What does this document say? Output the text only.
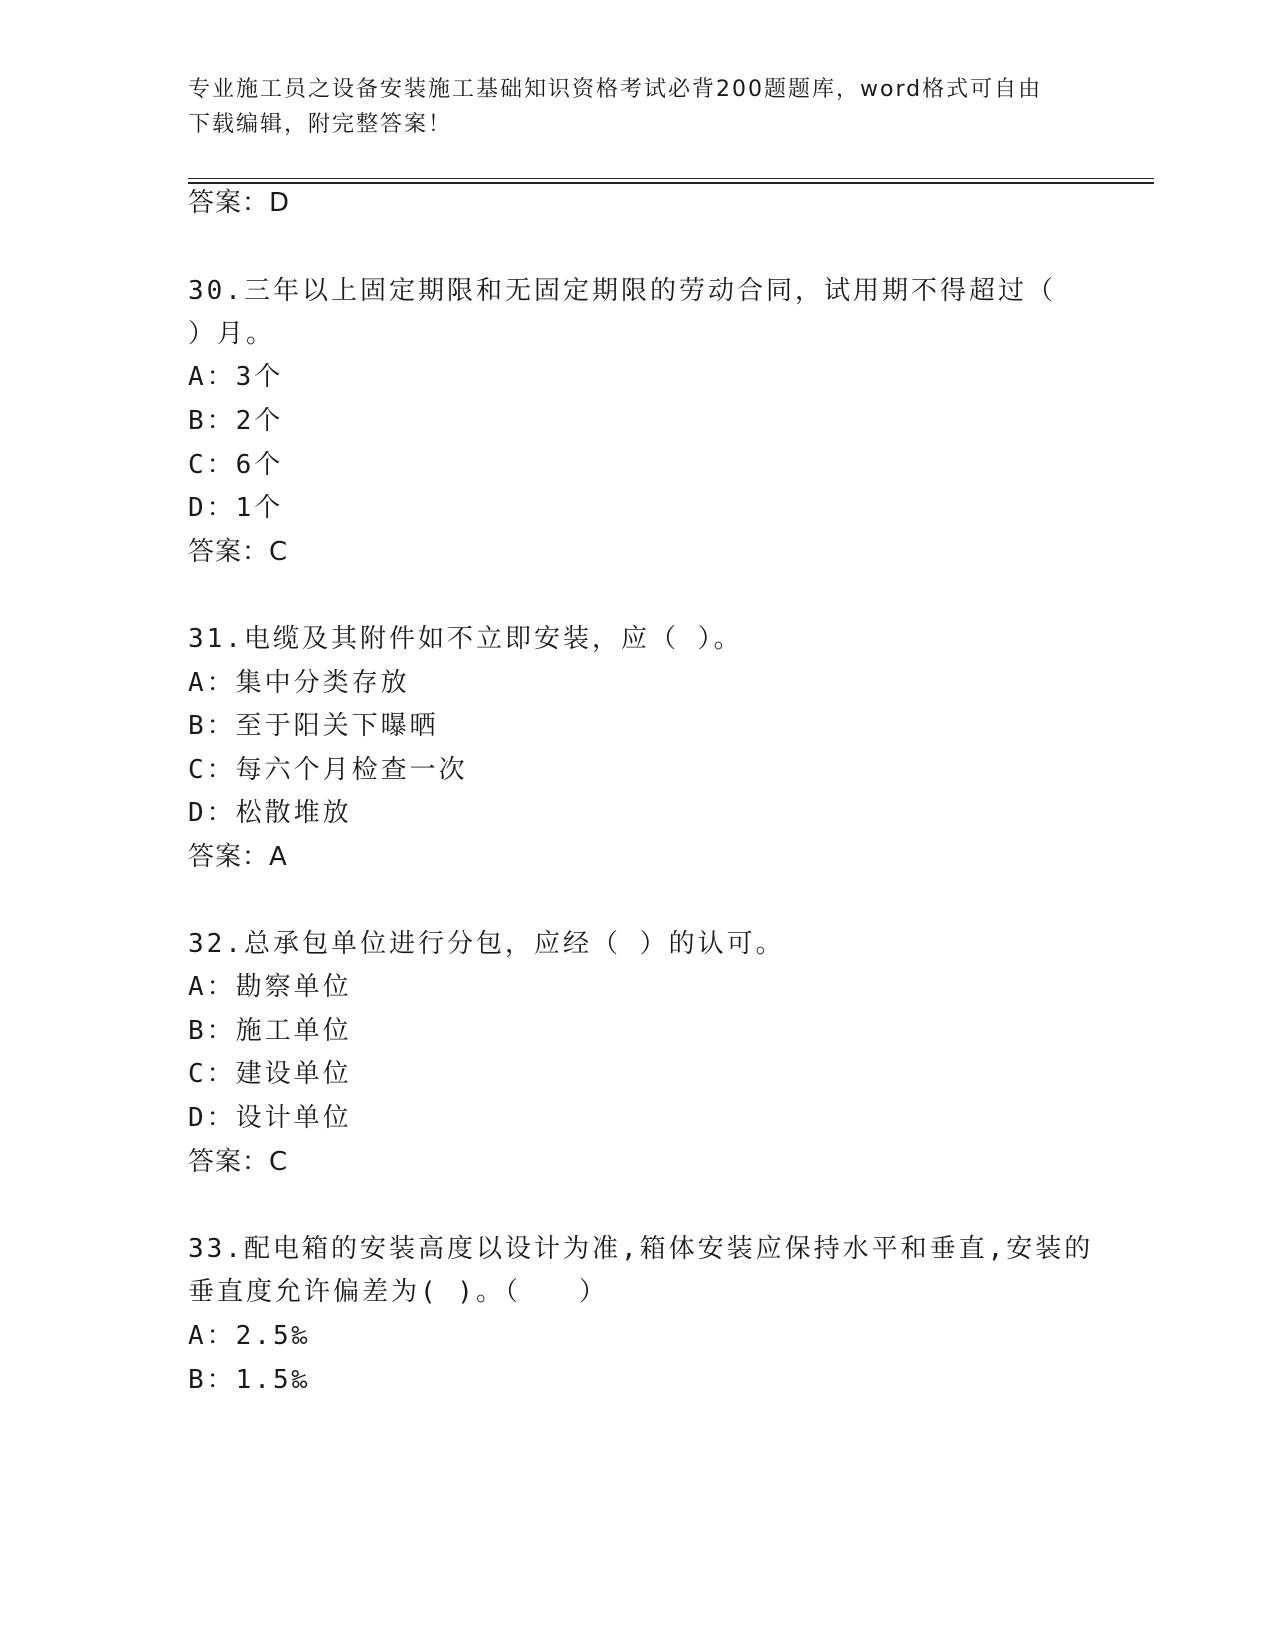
专业施工员之设备安装施工基础知识资格考试必背200题题库，word格式可自由
下载编辑，附完整答案！
答案：D
30.三年以上固定期限和无固定期限的劳动合同，试用期不得超过（
）月。
A：3个
B：2个
C：6个
D：1个
答案：C
31.电缆及其附件如不立即安装，应（ ）。
A：集中分类存放
B：至于阳关下曝晒
C：每六个月检查一次
D：松散堆放
答案：A
32.总承包单位进行分包，应经（ ）的认可。
A：勘察单位
B：施工单位
C：建设单位
D：设计单位
答案：C
33.配电箱的安装高度以设计为准,箱体安装应保持水平和垂直,安装的
垂直度允许偏差为( )。（　　）
A：2.5‰
B：1.5‰
